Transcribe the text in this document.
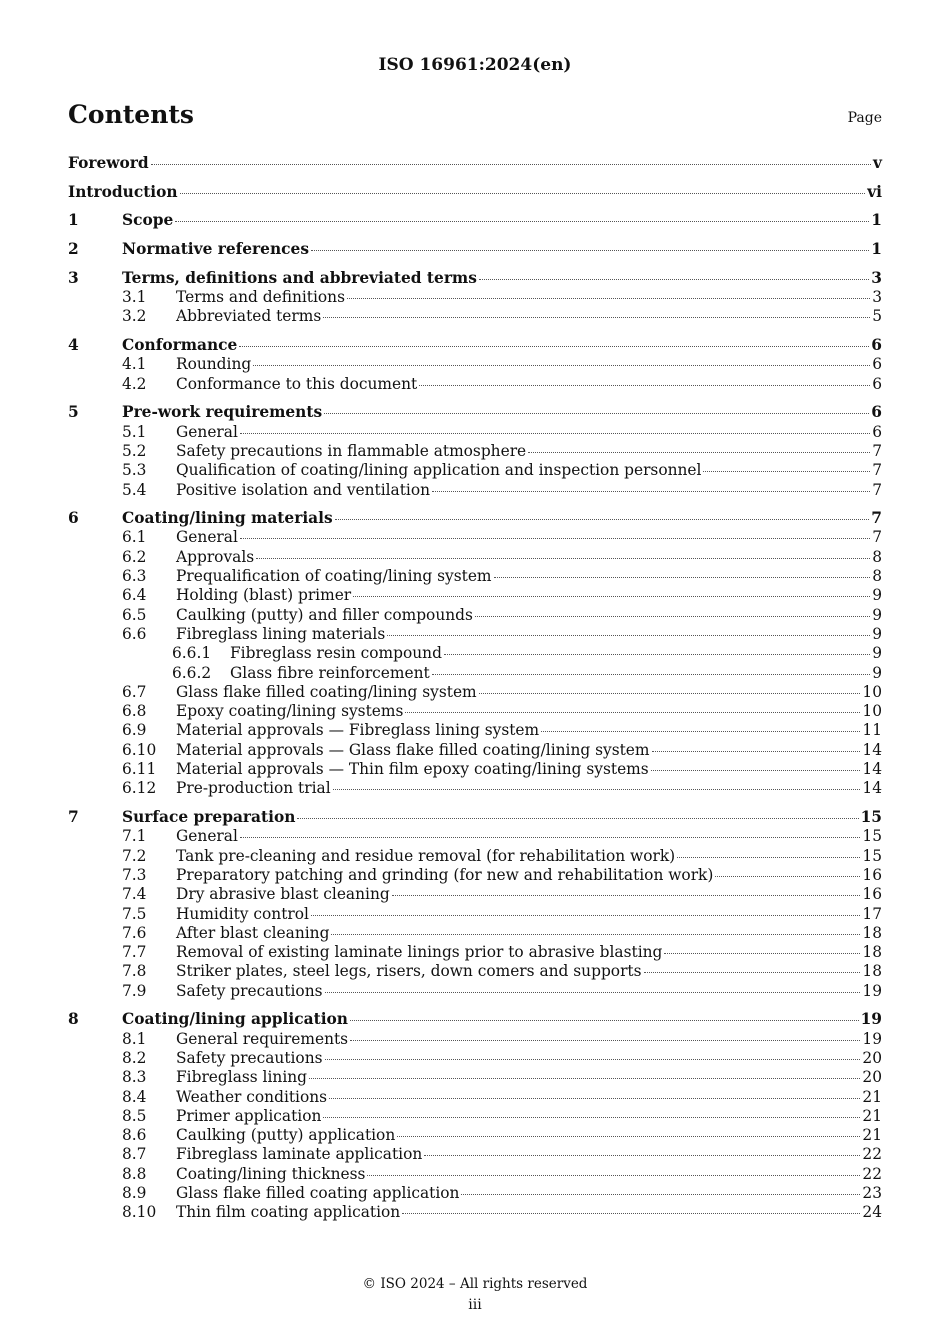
ISO 16961:2024(en)
Contents	Page
Foreword	v
Introduction	vi
1	Scope	1
2	Normative references	1
3	Terms, definitions and abbreviated terms	3
3.1	Terms and definitions	3
3.2	Abbreviated terms	5
4	Conformance	6
4.1	Rounding	6
4.2	Conformance to this document	6
5	Pre-work requirements	6
5.1	General	6
5.2	Safety precautions in flammable atmosphere	7
5.3	Qualification of coating/lining application and inspection personnel	7
5.4	Positive isolation and ventilation	7
6	Coating/lining materials	7
6.1	General	7
6.2	Approvals	8
6.3	Prequalification of coating/lining system	8
6.4	Holding (blast) primer	9
6.5	Caulking (putty) and filler compounds	9
6.6	Fibreglass lining materials	9
6.6.1	Fibreglass resin compound	9
6.6.2	Glass fibre reinforcement	9
6.7	Glass flake filled coating/lining system	10
6.8	Epoxy coating/lining systems	10
6.9	Material approvals — Fibreglass lining system	11
6.10	Material approvals — Glass flake filled coating/lining system	14
6.11	Material approvals — Thin film epoxy coating/lining systems	14
6.12	Pre-production trial	14
7	Surface preparation	15
7.1	General	15
7.2	Tank pre-cleaning and residue removal (for rehabilitation work)	15
7.3	Preparatory patching and grinding (for new and rehabilitation work)	16
7.4	Dry abrasive blast cleaning	16
7.5	Humidity control	17
7.6	After blast cleaning	18
7.7	Removal of existing laminate linings prior to abrasive blasting	18
7.8	Striker plates, steel legs, risers, down comers and supports	18
7.9	Safety precautions	19
8	Coating/lining application	19
8.1	General requirements	19
8.2	Safety precautions	20
8.3	Fibreglass lining	20
8.4	Weather conditions	21
8.5	Primer application	21
8.6	Caulking (putty) application	21
8.7	Fibreglass laminate application	22
8.8	Coating/lining thickness	22
8.9	Glass flake filled coating application	23
8.10	Thin film coating application	24
© ISO 2024 – All rights reserved
iii
